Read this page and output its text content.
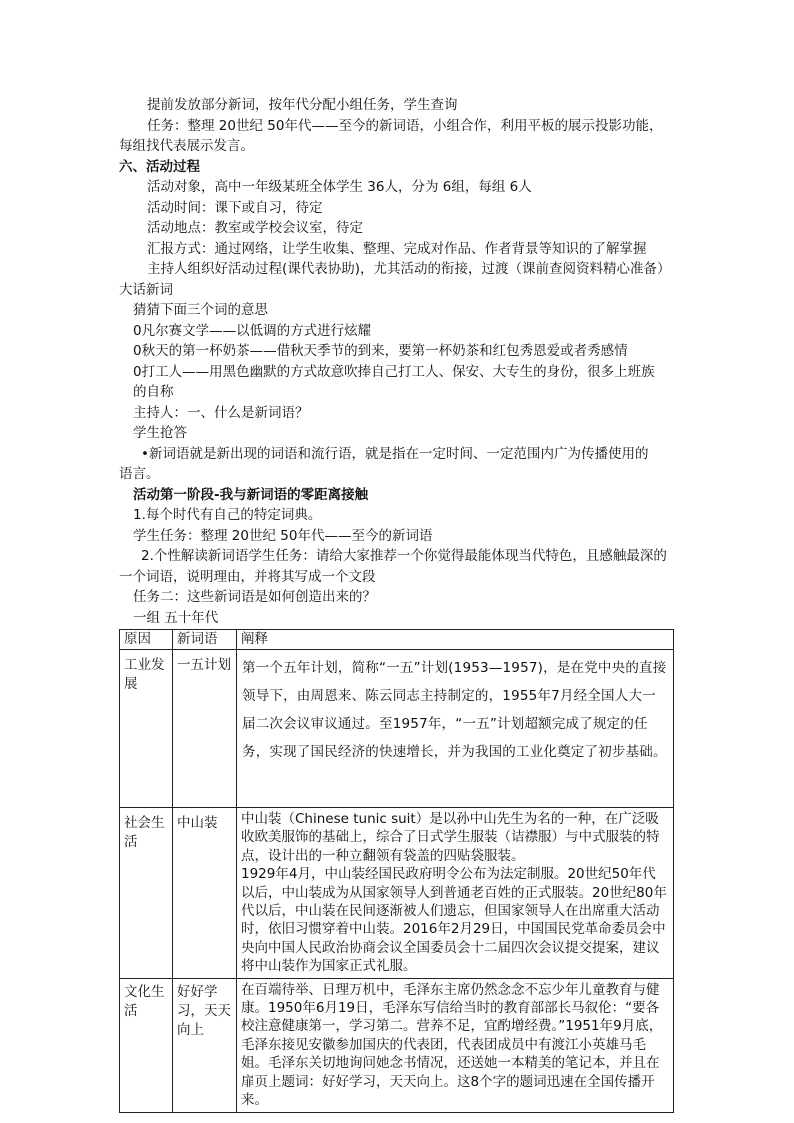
提前发放部分新词，按年代分配小组任务，学生查询
任务：整理 20世纪 50年代——至今的新词语，小组合作，利用平板的展示投影功能，
每组找代表展示发言。
六、活动过程
活动对象，高中一年级某班全体学生 36人，分为 6组，每组 6人
活动时间：课下或自习，待定
活动地点：教室或学校会议室，待定
汇报方式：通过网络，让学生收集、整理、完成对作品、作者背景等知识的了解掌握
主持人组织好活动过程(课代表协助)，尤其活动的衔接，过渡（课前查阅资料精心准备）
大话新词
猜猜下面三个词的意思
0凡尔赛文学——以低调的方式进行炫耀
0秋天的第一杯奶茶——借秋天季节的到来，要第一杯奶茶和红包秀恩爱或者秀感情
0打工人——用黑色幽默的方式故意吹捧自己打工人、保安、大专生的身份，很多上班族
的自称
主持人：一、什么是新词语？
学生抢答
•新词语就是新出现的词语和流行语，就是指在一定时间、一定范围内广为传播使用的
语言。
活动第一阶段-我与新词语的零距离接触
1.每个时代有自己的特定词典。
学生任务：整理 20世纪 50年代——至今的新词语
2.个性解读新词语学生任务：请给大家推荐一个你觉得最能体现当代特色，且感触最深的
一个词语，说明理由，并将其写成一个文段
任务二：这些新词语是如何创造出来的？
一组 五十年代
原因	新词语	阐释
工业发展	一五计划	第一个五年计划，简称“一五”计划(1953—1957)，是在党中央的直接领导下，由周恩来、陈云同志主持制定的，1955年7月经全国人大一届二次会议审议通过。至1957年，“一五”计划超额完成了规定的任务，实现了国民经济的快速增长，并为我国的工业化奠定了初步基础。
社会生活	中山装	中山装（Chinese tunic suit）是以孙中山先生为名的一种，在广泛吸收欧美服饰的基础上，综合了日式学生服装（诘襟服）与中式服装的特点，设计出的一种立翻领有袋盖的四贴袋服装。

1929年4月，中山装经国民政府明令公布为法定制服。20世纪50年代以后，中山装成为从国家领导人到普通老百姓的正式服装。20世纪80年代以后，中山装在民间逐渐被人们遗忘，但国家领导人在出席重大活动时，依旧习惯穿着中山装。2016年2月29日，中国国民党革命委员会中央向中国人民政治协商会议全国委员会十二届四次会议提交提案，建议将中山装作为国家正式礼服。

文化生活	好好学习，天天向上	在百端待举、日理万机中，毛泽东主席仍然念念不忘少年儿童教育与健康。1950年6月19日，毛泽东写信给当时的教育部部长马叙伦：“要各校注意健康第一，学习第二。营养不足，宜酌增经费。”1951年9月底，毛泽东接见安徽参加国庆的代表团，代表团成员中有渡江小英雄马毛姐。毛泽东关切地询问她念书情况，还送她一本精美的笔记本，并且在扉页上题词：好好学习，天天向上。这8个字的题词迅速在全国传播开来。
